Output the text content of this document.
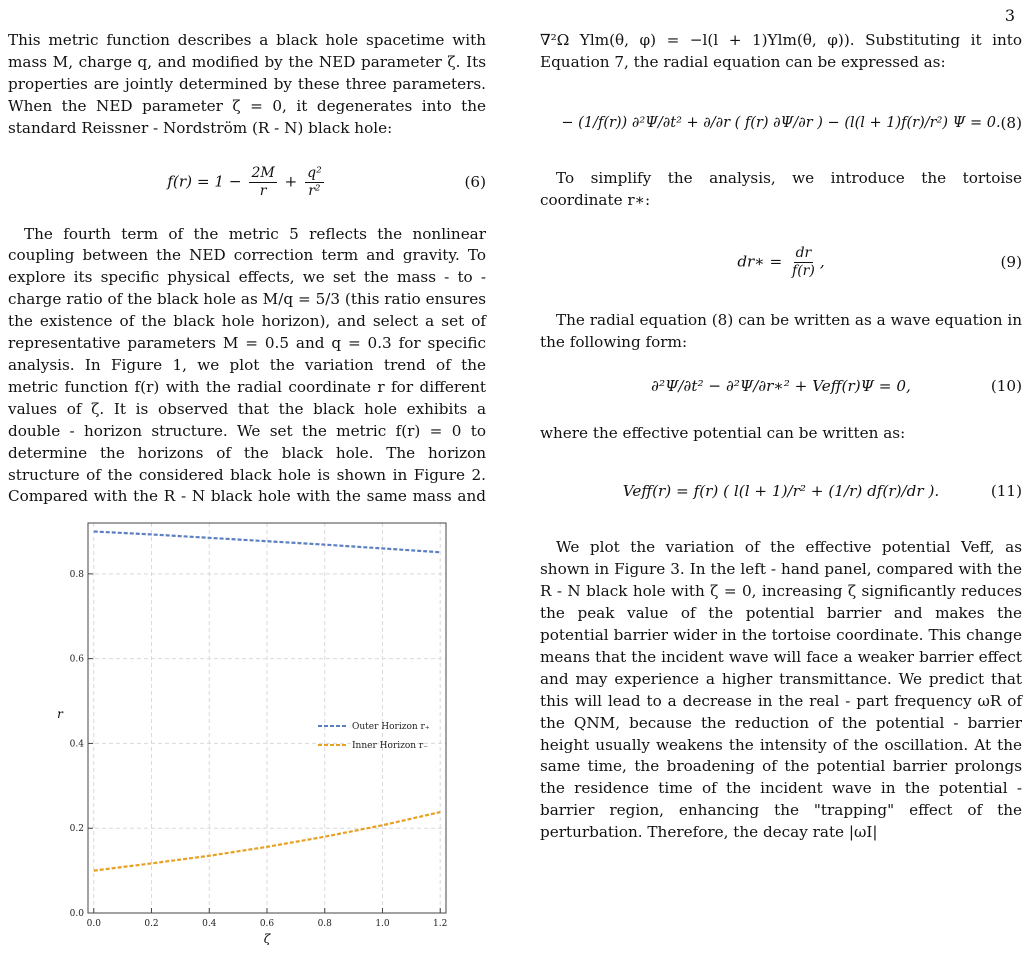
3

This metric function describes a black hole spacetime with mass M, charge q, and modified by the NED parameter ζ. Its properties are jointly determined by these three parameters. When the NED parameter ζ = 0, it degenerates into the standard Reissner - Nordström (R - N) black hole:

$f(r) = 1 - \frac{2M}{r} + \frac{\text{q²}}{\text{r²}}$	(6)

The fourth term of the metric 5 reflects the nonlinear coupling between the NED correction term and gravity. To explore its specific physical effects, we set the mass - to - charge ratio of the black hole as M/q = 5/3 (this ratio ensures the existence of the black hole horizon), and select a set of representative parameters M = 0.5 and q = 0.3 for specific analysis. In Figure 1, we plot the variation trend of the metric function f(r) with the radial coordinate r for different values of ζ. It is observed that the black hole exhibits a double - horizon structure. We set the metric f(r) = 0 to determine the horizons of the black hole. The horizon structure of the considered black hole is shown in Figure 2. Compared with the R - N black hole with the same mass and

0.0	0.2	0.4	0.6	0.8	1.0	1.2
0.0
0.2
0.4
0.6
0.8
Outer Horizon r₊
Inner Horizon r₋
ζ
r

∇²Ω Ylm(θ, φ) = −l(l + 1)Ylm(θ, φ)). Substituting it into Equation 7, the radial equation can be expressed as:

− (1/f(r)) ∂²Ψ/∂t² + ∂/∂r ( f(r) ∂Ψ/∂r ) − (l(l + 1)f(r)/r²) Ψ = 0. (8)

To simplify the analysis, we introduce the tortoise coordinate r∗:

dr∗ = $\frac{dr}{f(r)}$ ,	(9)

The radial equation (8) can be written as a wave equation in the following form:

∂²Ψ/∂t² − ∂²Ψ/∂r∗² + Veff(r)Ψ = 0,	(10)

where the effective potential can be written as:

Veff(r) = f(r) ( l(l + 1)/r² + (1/r) df(r)/dr ).	(11)

We plot the variation of the effective potential Veff, as shown in Figure 3. In the left - hand panel, compared with the R - N black hole with ζ = 0, increasing ζ significantly reduces the peak value of the potential barrier and makes the potential barrier wider in the tortoise coordinate. This change means that the incident wave will face a weaker barrier effect and may experience a higher transmittance. We predict that this will lead to a decrease in the real - part frequency ωR of the QNM, because the reduction of the potential - barrier height usually weakens the intensity of the oscillation. At the same time, the broadening of the potential barrier prolongs the residence time of the incident wave in the potential - barrier region, enhancing the "trapping" effect of the perturbation. Therefore, the decay rate |ωI|
